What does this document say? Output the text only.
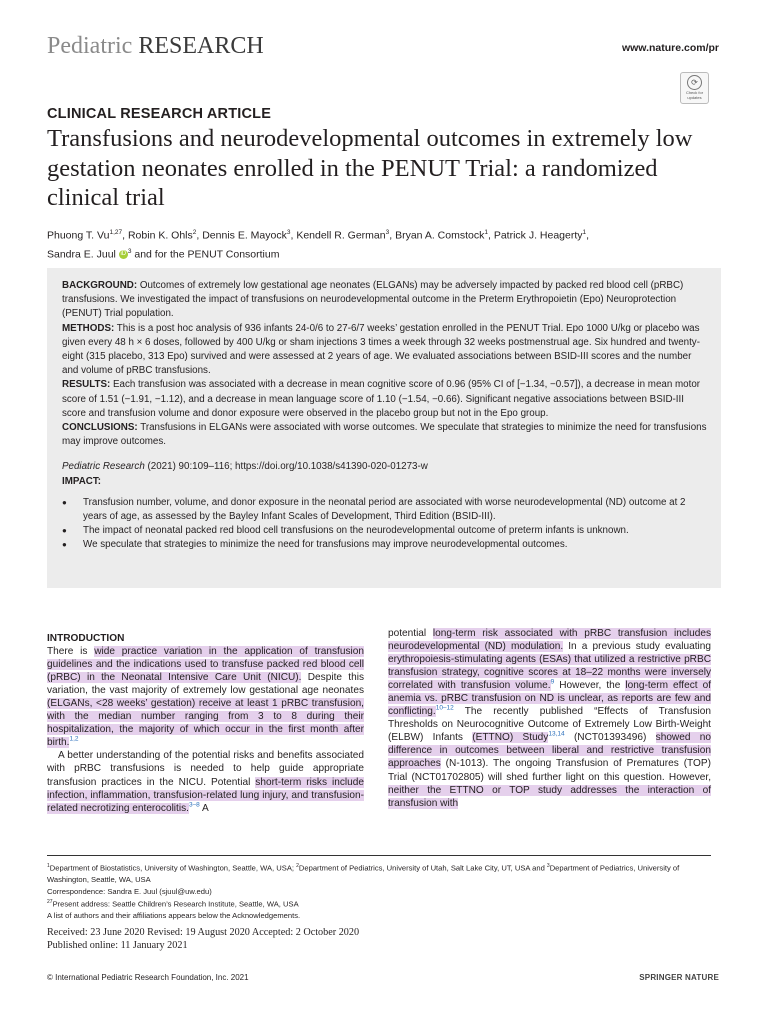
Pediatric RESEARCH	www.nature.com/pr
⟳
Check for updates
CLINICAL RESEARCH ARTICLE
Transfusions and neurodevelopmental outcomes in extremely low gestation neonates enrolled in the PENUT Trial: a randomized clinical trial
Phuong T. Vu$^{1,27}$, Robin K. Ohls$^2$, Dennis E. Mayock$^3$, Kendell R. German$^3$, Bryan A. Comstock$^1$, Patrick J. Heagerty$^1$,
Sandra E. Juul iD $^3$ and for the PENUT Consortium

BACKGROUND: Outcomes of extremely low gestational age neonates (ELGANs) may be adversely impacted by packed red blood cell (pRBC) transfusions. We investigated the impact of transfusions on neurodevelopmental outcome in the Preterm Erythropoietin (Epo) Neuroprotection (PENUT) Trial population.

METHODS: This is a post hoc analysis of 936 infants 24-0/6 to 27-6/7 weeks’ gestation enrolled in the PENUT Trial. Epo 1000 U/kg or placebo was given every 48 h × 6 doses, followed by 400 U/kg or sham injections 3 times a week through 32 weeks postmenstrual age. Six hundred and twenty-eight (315 placebo, 313 Epo) survived and were assessed at 2 years of age. We evaluated associations between BSID-III scores and the number and volume of pRBC transfusions.

RESULTS: Each transfusion was associated with a decrease in mean cognitive score of 0.96 (95% CI of [−1.34, −0.57]), a decrease in mean motor score of 1.51 (−1.91, −1.12), and a decrease in mean language score of 1.10 (−1.54, −0.66). Significant negative associations between BSID-III score and transfusion volume and donor exposure were observed in the placebo group but not in the Epo group.

CONCLUSIONS: Transfusions in ELGANs were associated with worse outcomes. We speculate that strategies to minimize the need for transfusions may improve outcomes.

Pediatric Research (2021) 90:109–116; https://doi.org/10.1038/s41390-020-01273-w

IMPACT:

● Transfusion number, volume, and donor exposure in the neonatal period are associated with worse neurodevelopmental (ND) outcome at 2 years of age, as assessed by the Bayley Infant Scales of Development, Third Edition (BSID-III).
● The impact of neonatal packed red blood cell transfusions on the neurodevelopmental outcome of preterm infants is unknown.
● We speculate that strategies to minimize the need for transfusions may improve neurodevelopmental outcomes.

INTRODUCTION

There is wide practice variation in the application of transfusion guidelines and the indications used to transfuse packed red blood cell (pRBC) in the Neonatal Intensive Care Unit (NICU). Despite this variation, the vast majority of extremely low gestational age neonates (ELGANs, <28 weeks’ gestation) receive at least 1 pRBC transfusion, with the median number ranging from 3 to 8 during their hospitalization, the majority of which occur in the first month after birth.$^{1,2}$

A better understanding of the potential risks and benefits associated with pRBC transfusions is needed to help guide appropriate transfusion practices in the NICU. Potential short-term risks include infection, inflammation, transfusion-related lung injury, and transfusion-related necrotizing enterocolitis.$^{3-8}$ A

potential long-term risk associated with pRBC transfusion includes neurodevelopmental (ND) modulation. In a previous study evaluating erythropoiesis-stimulating agents (ESAs) that utilized a restrictive pRBC transfusion strategy, cognitive scores at 18–22 months were inversely correlated with transfusion volume.$^9$ However, the long-term effect of anemia vs. pRBC transfusion on ND is unclear, as reports are few and conflicting.$^{10-12}$ The recently published “Effects of Transfusion Thresholds on Neurocognitive Outcome of Extremely Low Birth-Weight (ELBW) Infants (ETTNO) Study$^{13,14}$ (NCT01393496) showed no difference in outcomes between liberal and restrictive transfusion approaches (N-1013). The ongoing Transfusion of Prematures (TOP) Trial (NCT01702805) will shed further light on this question. However, neither the ETTNO or TOP study addresses the interaction of transfusion with

$^1$Department of Biostatistics, University of Washington, Seattle, WA, USA; $^2$Department of Pediatrics, University of Utah, Salt Lake City, UT, USA and $^3$Department of Pediatrics, University of Washington, Seattle, WA, USA

Correspondence: Sandra E. Juul (sjuul@uw.edu)

$^{27}$Present address: Seattle Children’s Research Institute, Seattle, WA, USA

A list of authors and their affiliations appears below the Acknowledgements.

Received: 23 June 2020 Revised: 19 August 2020 Accepted: 2 October 2020

Published online: 11 January 2021

© International Pediatric Research Foundation, Inc. 2021	SPRINGER NATURE
